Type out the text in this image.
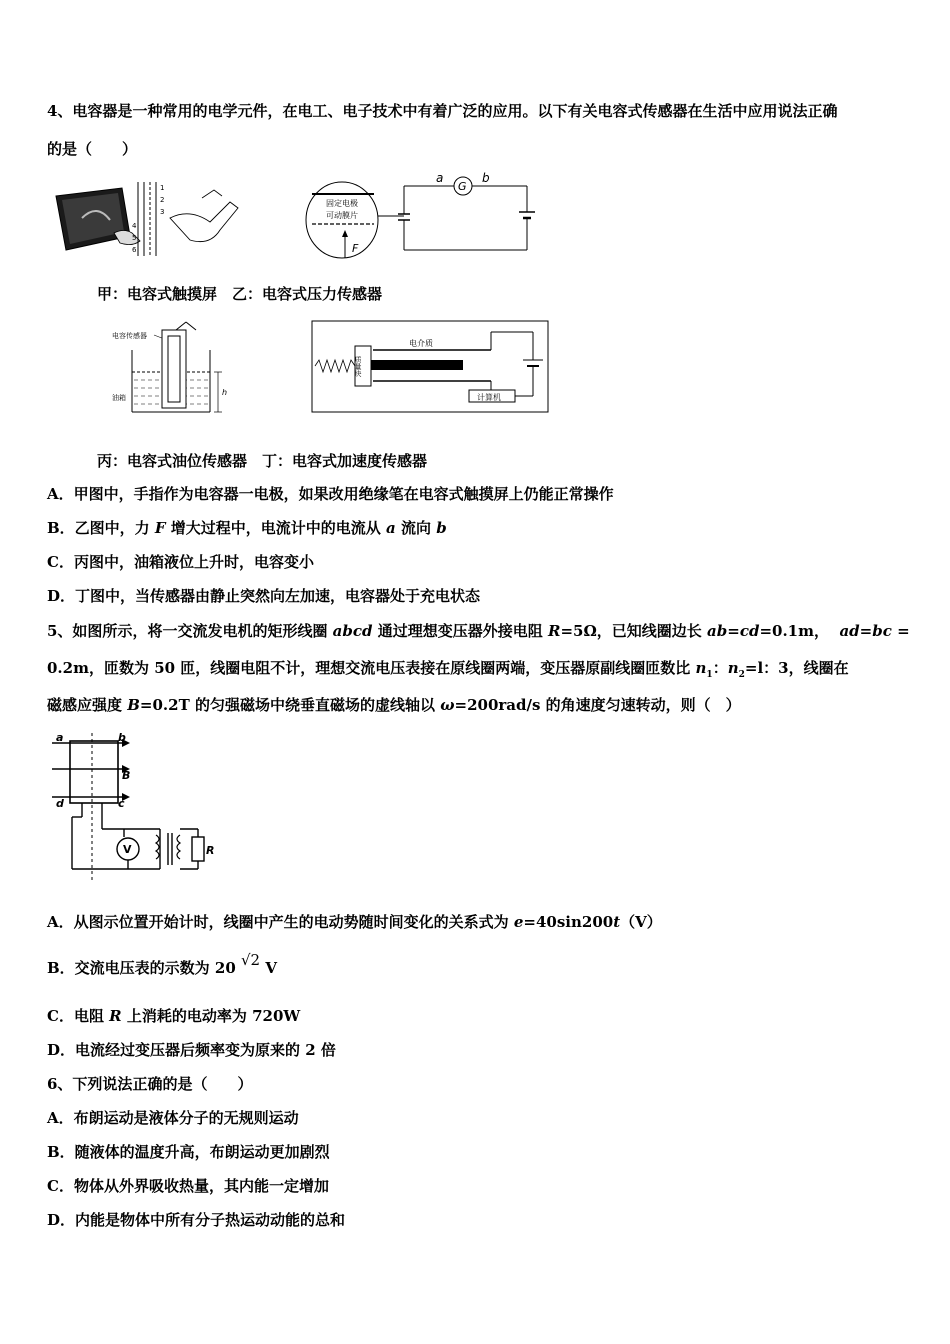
4、电容器是一种常用的电学元件，在电工、电子技术中有着广泛的应用。以下有关电容式传感器在生活中应用说法正确
的是（　　）
1
2
3
4
5
6
固定电极
可动膜片
F
G
a	b
甲：电容式触摸屏　乙：电容式压力传感器
电容传感器
油箱
h
质量块
电介质
计算机
丙：电容式油位传感器　丁：电容式加速度传感器
A．甲图中，手指作为电容器一电极，如果改用绝缘笔在电容式触摸屏上仍能正常操作
B．乙图中，力 F 增大过程中，电流计中的电流从 a 流向 b
C．丙图中，油箱液位上升时，电容变小
D．丁图中，当传感器由静止突然向左加速，电容器处于充电状态
5、如图所示，将一交流发电机的矩形线圈 abcd 通过理想变压器外接电阻 R=5Ω，已知线圈边长 ab=cd=0.1m， ad=bc =
0.2m，匝数为 50 匝，线圈电阻不计，理想交流电压表接在原线圈两端，变压器原副线圈匝数比 $n_1$：$n_2=l$：3，线圈在
磁感应强度 B=0.2T 的匀强磁场中绕垂直磁场的虚线轴以 ω=200rad/s 的角速度匀速转动，则（　）
a	b
B
d	c
V	R
A．从图示位置开始计时，线圈中产生的电动势随时间变化的关系式为 e=40sin200t（V）
B．交流电压表的示数为 20 √2 V
C．电阻 R 上消耗的电动率为 720W
D．电流经过变压器后频率变为原来的 2 倍
6、下列说法正确的是（　　）
A．布朗运动是液体分子的无规则运动
B．随液体的温度升高，布朗运动更加剧烈
C．物体从外界吸收热量，其内能一定增加
D．内能是物体中所有分子热运动动能的总和
